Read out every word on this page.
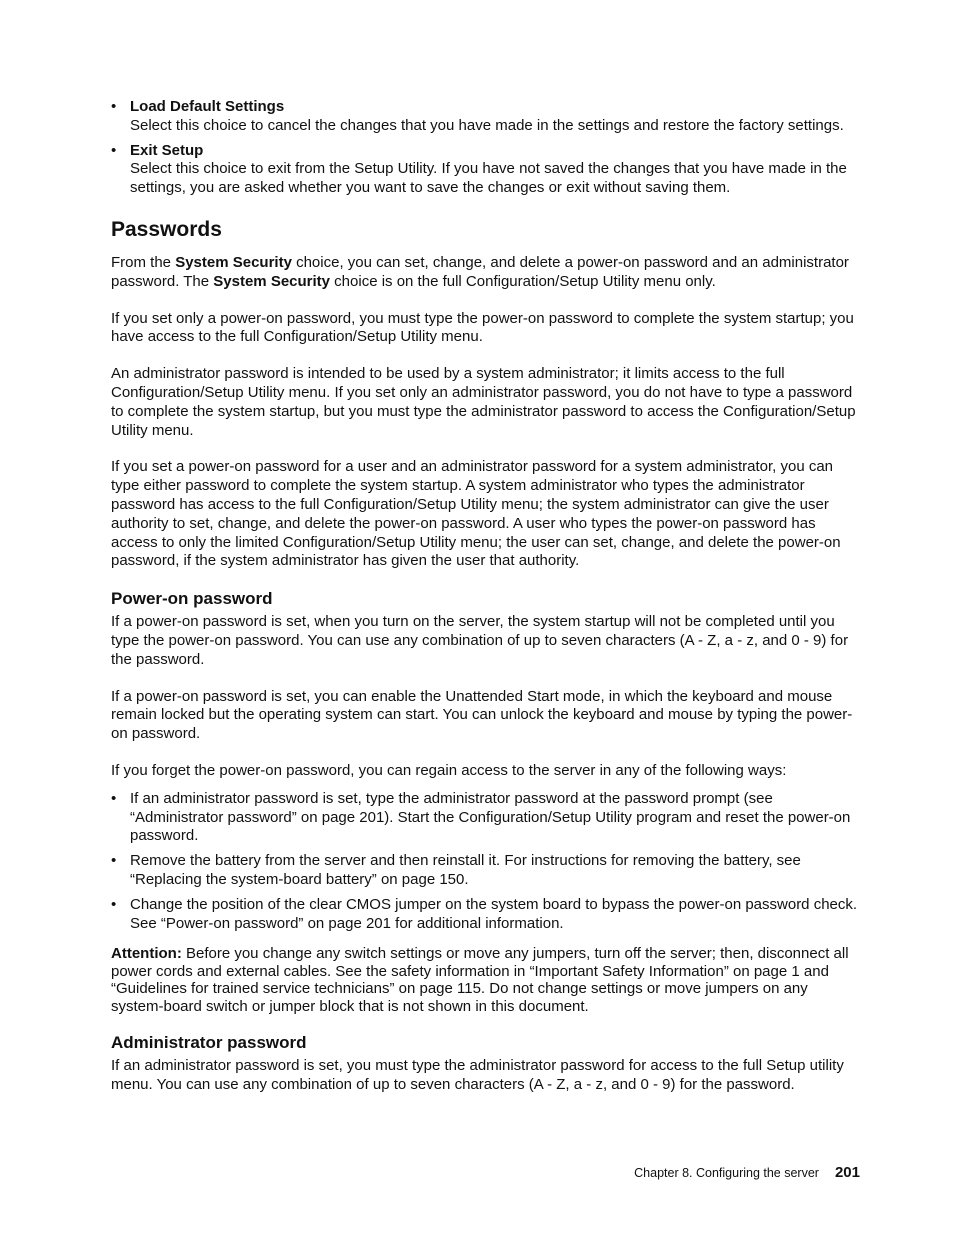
• Load Default Settings
Select this choice to cancel the changes that you have made in the settings and restore the factory settings.
• Exit Setup
Select this choice to exit from the Setup Utility. If you have not saved the changes that you have made in the settings, you are asked whether you want to save the changes or exit without saving them.
Passwords

From the System Security choice, you can set, change, and delete a power-on password and an administrator password. The System Security choice is on the full Configuration/Setup Utility menu only.

If you set only a power-on password, you must type the power-on password to complete the system startup; you have access to the full Configuration/Setup Utility menu.

An administrator password is intended to be used by a system administrator; it limits access to the full Configuration/Setup Utility menu. If you set only an administrator password, you do not have to type a password to complete the system startup, but you must type the administrator password to access the Configuration/Setup Utility menu.

If you set a power-on password for a user and an administrator password for a system administrator, you can type either password to complete the system startup. A system administrator who types the administrator password has access to the full Configuration/Setup Utility menu; the system administrator can give the user authority to set, change, and delete the power-on password. A user who types the power-on password has access to only the limited Configuration/Setup Utility menu; the user can set, change, and delete the power-on password, if the system administrator has given the user that authority.

Power-on password

If a power-on password is set, when you turn on the server, the system startup will not be completed until you type the power-on password. You can use any combination of up to seven characters (A - Z, a - z, and 0 - 9) for the password.

If a power-on password is set, you can enable the Unattended Start mode, in which the keyboard and mouse remain locked but the operating system can start. You can unlock the keyboard and mouse by typing the power-on password.

If you forget the power-on password, you can regain access to the server in any of the following ways:

• If an administrator password is set, type the administrator password at the password prompt (see “Administrator password” on page 201). Start the Configuration/Setup Utility program and reset the power-on password.
• Remove the battery from the server and then reinstall it. For instructions for removing the battery, see “Replacing the system-board battery” on page 150.
• Change the position of the clear CMOS jumper on the system board to bypass the power-on password check. See “Power-on password” on page 201 for additional information.

Attention: Before you change any switch settings or move any jumpers, turn off the server; then, disconnect all power cords and external cables. See the safety information in “Important Safety Information” on page 1 and “Guidelines for trained service technicians” on page 115. Do not change settings or move jumpers on any system-board switch or jumper block that is not shown in this document.

Administrator password

If an administrator password is set, you must type the administrator password for access to the full Setup utility menu. You can use any combination of up to seven characters (A - Z, a - z, and 0 - 9) for the password.

Chapter 8. Configuring the server 201
